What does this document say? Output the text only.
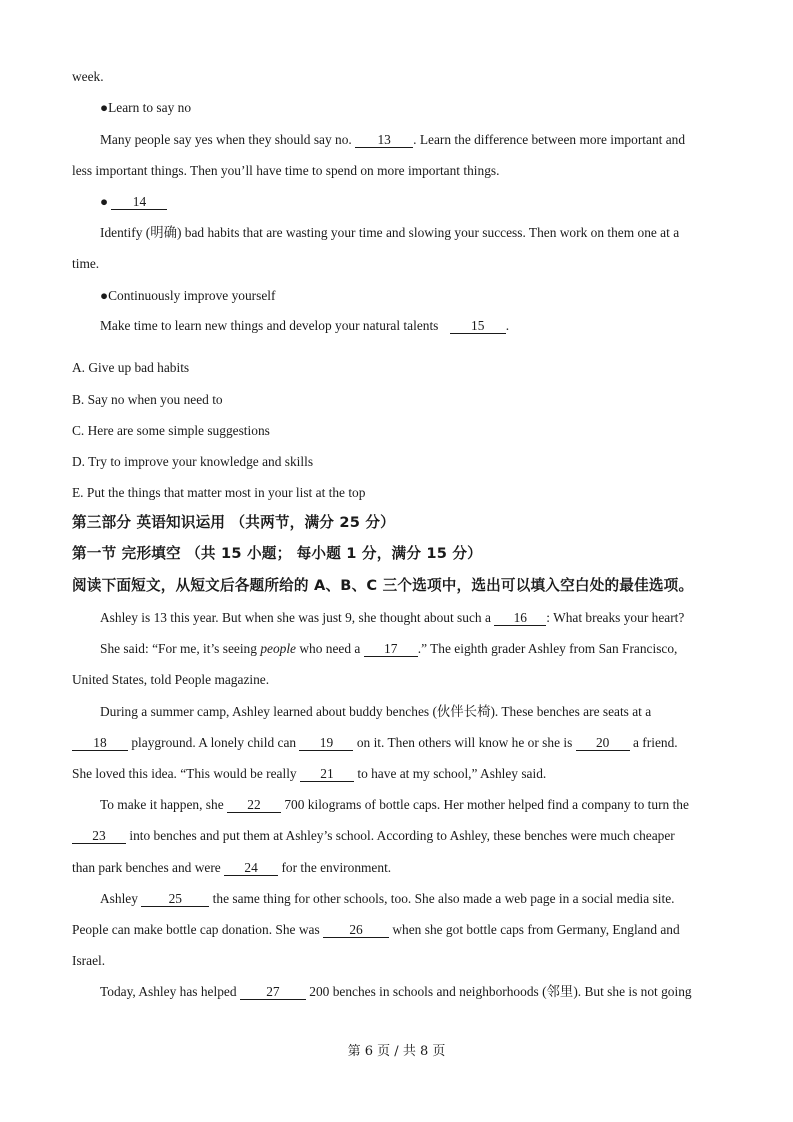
week.
●Learn to say no
Many people say yes when they should say no. 13 . Learn the difference between more important and
less important things. Then you’ll have time to spend on more important things.
● 14
Identify (明确) bad habits that are wasting your time and slowing your success. Then work on them one at a
time.
●Continuously improve yourself
Make time to learn new things and develop your natural talents 15 .
A. Give up bad habits
B. Say no when you need to
C. Here are some simple suggestions
D. Try to improve your knowledge and skills
E. Put the things that matter most in your list at the top
第三部分 英语知识运用 （共两节，满分 25 分）
第一节 完形填空 （共 15 小题； 每小题 1 分，满分 15 分）
阅读下面短文，从短文后各题所给的 A、B、C 三个选项中，选出可以填入空白处的最佳选项。
Ashley is 13 this year. But when she was just 9, she thought about such a 16 : What breaks your heart?
She said: “For me, it’s seeing people who need a 17 .” The eighth grader Ashley from San Francisco,
United States, told People magazine.
During a summer camp, Ashley learned about buddy benches (伙伴长椅). These benches are seats at a
18 playground. A lonely child can 19 on it. Then others will know he or she is 20 a friend.
She loved this idea. “This would be really 21 to have at my school,” Ashley said.
To make it happen, she 22 700 kilograms of bottle caps. Her mother helped find a company to turn the
23 into benches and put them at Ashley’s school. According to Ashley, these benches were much cheaper
than park benches and were 24 for the environment.
Ashley 25 the same thing for other schools, too. She also made a web page in a social media site.
People can make bottle cap donation. She was 26 when she got bottle caps from Germany, England and
Israel.
Today, Ashley has helped 27 200 benches in schools and neighborhoods (邻里). But she is not going
第 6 页 / 共 8 页
